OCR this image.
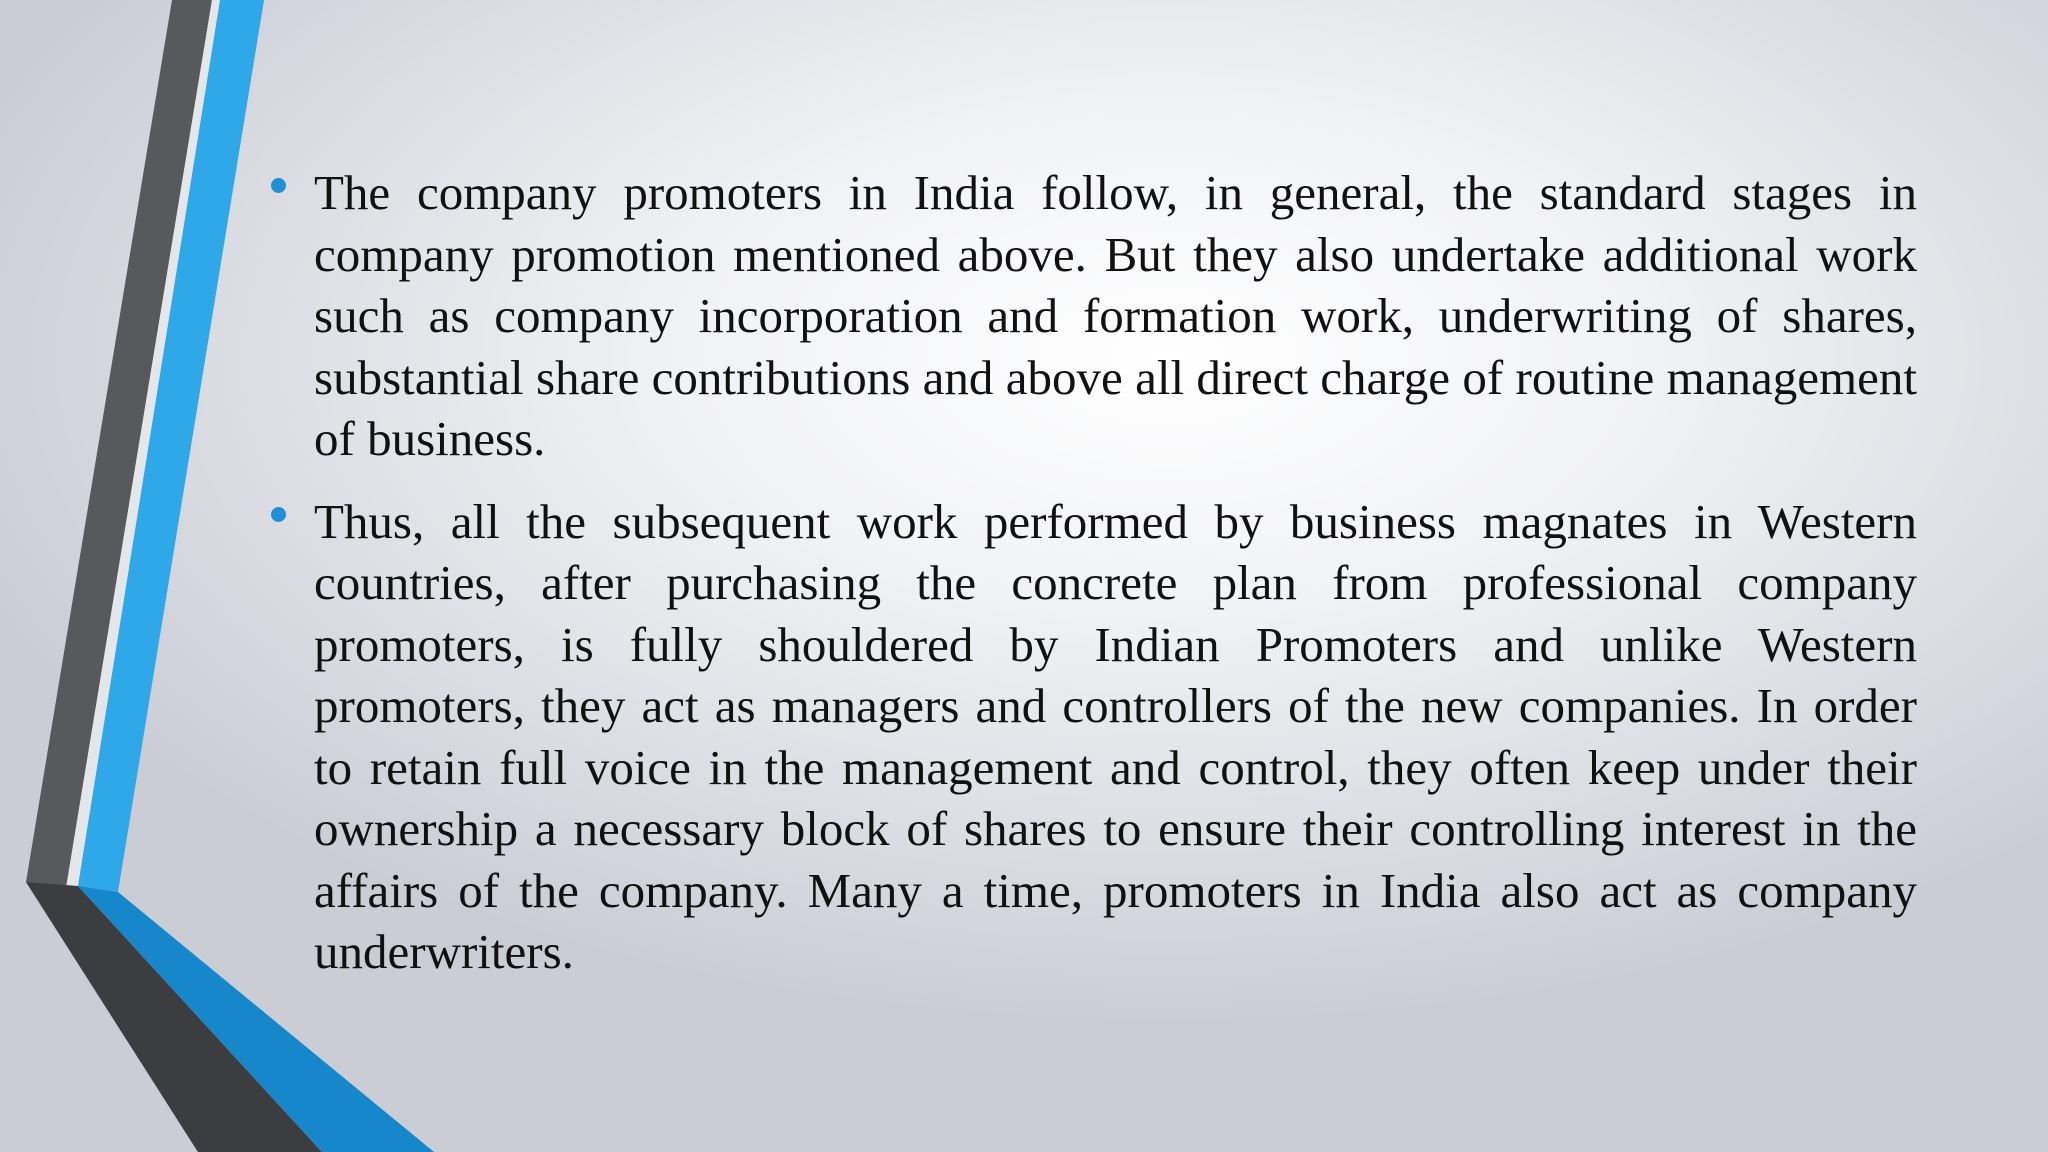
The company promoters in India follow, in general, the standard stages in company promotion mentioned above. But they also undertake additional work such as company incorporation and formation work, underwriting of shares, substantial share contributions and above all direct charge of routine management of business.
Thus, all the subsequent work performed by business magnates in Western countries, after purchasing the concrete plan from professional company promoters, is fully shouldered by Indian Promoters and unlike Western promoters, they act as managers and controllers of the new companies. In order to retain full voice in the management and control, they often keep under their ownership a necessary block of shares to ensure their controlling interest in the affairs of the company. Many a time, promoters in India also act as company underwriters.
